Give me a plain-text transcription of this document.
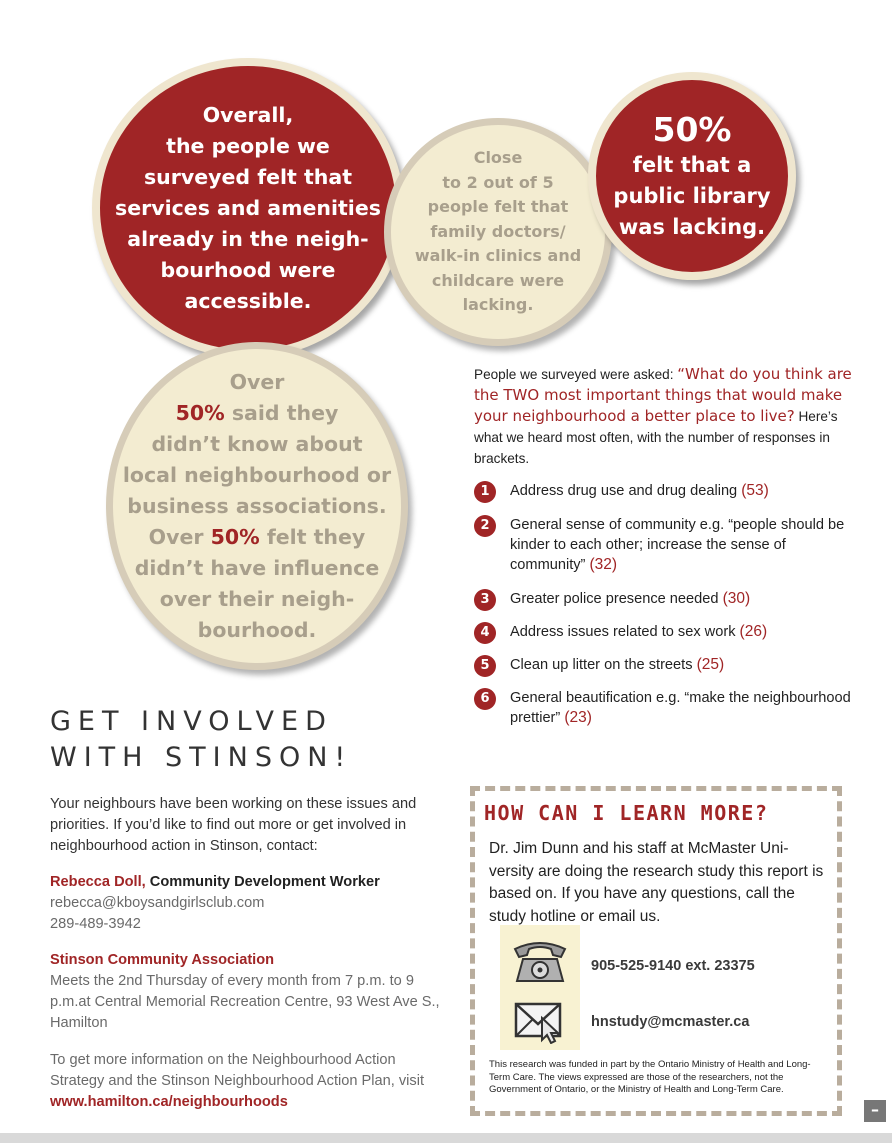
Overall,
the people we
surveyed felt that
services and amenities
already in the neigh-
bourhood were
accessible.
Close
to 2 out of 5
people felt that
family doctors/
walk-in clinics and
childcare were
lacking.
50%
felt that a
public library
was lacking.
Over
50% said they
didn’t know about
local neighbourhood or
business associations.
Over 50% felt they
didn’t have influence
over their neigh-
bourhood.
People we surveyed were asked: “What do you think are the TWO most important things that would make your neighbourhood a better place to live? Here’s what we heard most often, with the number of responses in brackets.
1	Address drug use and drug dealing (53)
2	General sense of community e.g. “people should be kinder to each other; increase the sense of community” (32)
3	Greater police presence needed (30)
4	Address issues related to sex work (26)
5	Clean up litter on the streets (25)
6	General beautification e.g. “make the neighbourhood prettier” (23)
GET INVOLVED
WITH STINSON!
Your neighbours have been working on these issues and priorities. If you’d like to find out more or get involved in neighbourhood action in Stinson, contact:
Rebecca Doll, Community Development Worker
rebecca@kboysandgirlsclub.com
289-489-3942
Stinson Community Association
Meets the 2nd Thursday of every month from 7 p.m. to 9 p.m.at Central Memorial Recreation Centre, 93 West Ave S., Hamilton
To get more information on the Neighbourhood Action Strategy and the Stinson Neighbourhood Action Plan, visit www.hamilton.ca/neighbourhoods
HOW CAN I LEARN MORE?
Dr. Jim Dunn and his staff at McMaster Uni-versity are doing the research study this report is based on. If you have any questions, call the study hotline or email us.
905-525-9140 ext. 23375
hnstudy@mcmaster.ca
This research was funded in part by the Ontario Ministry of Health and Long-Term Care. The views expressed are those of the researchers, not the Government of Ontario, or the Ministry of Health and Long-Term Care.
–
